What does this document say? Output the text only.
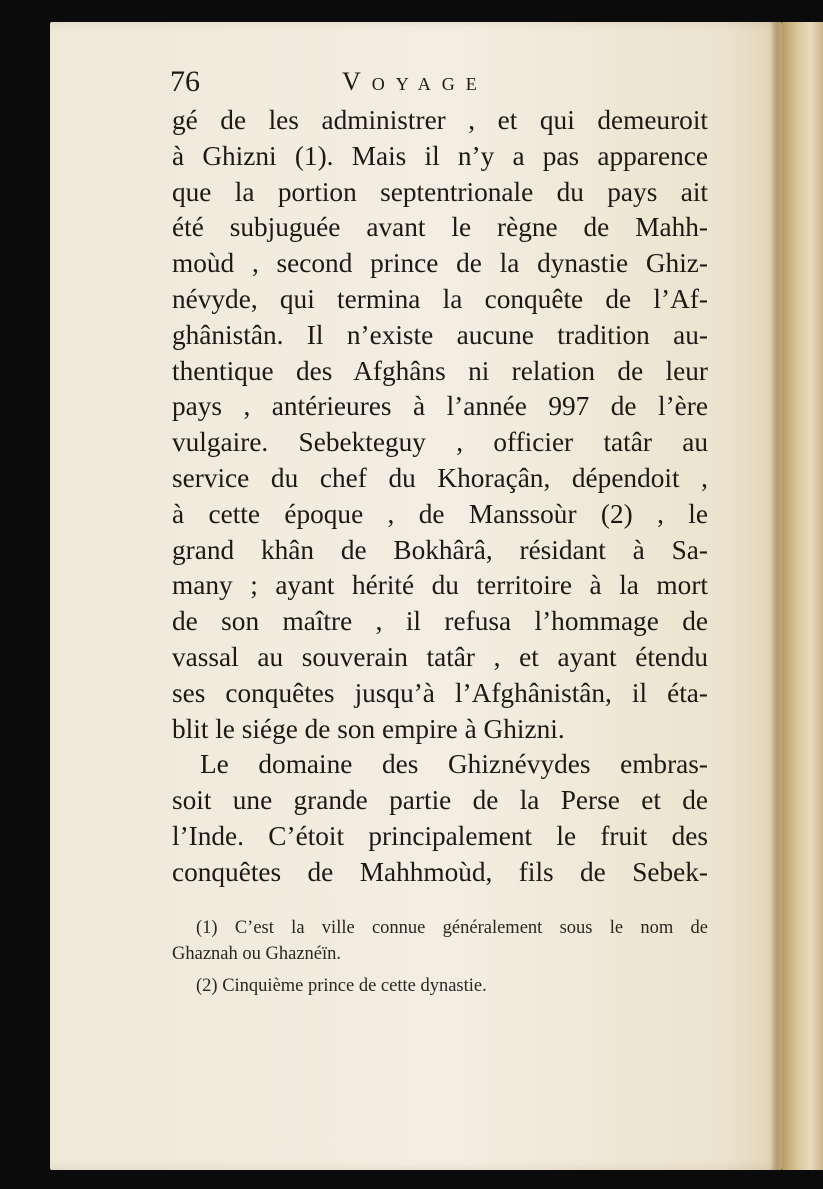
76	Voyage
gé de les administrer , et qui demeuroit
à Ghizni (1). Mais il n’y a pas apparence
que la portion septentrionale du pays ait
été subjuguée avant le règne de Mahh-
moùd , second prince de la dynastie Ghiz-
névyde, qui termina la conquête de l’Af-
ghânistân. Il n’existe aucune tradition au-
thentique des Afghâns ni relation de leur
pays , antérieures à l’année 997 de l’ère
vulgaire. Sebekteguy , officier tatâr au
service du chef du Khoraçân, dépendoit ,
à cette époque , de Manssoùr (2) , le
grand khân de Bokhârâ, résidant à Sa-
many ; ayant hérité du territoire à la mort
de son maître , il refusa l’hommage de
vassal au souverain tatâr , et ayant étendu
ses conquêtes jusqu’à l’Afghânistân, il éta-
blit le siége de son empire à Ghizni.
Le domaine des Ghiznévydes embras-
soit une grande partie de la Perse et de
l’Inde. C’étoit principalement le fruit des
conquêtes de Mahhmoùd, fils de Sebek-
(1) C’est la ville connue généralement sous le nom de
Ghaznah ou Ghaznéïn.
(2) Cinquième prince de cette dynastie.
